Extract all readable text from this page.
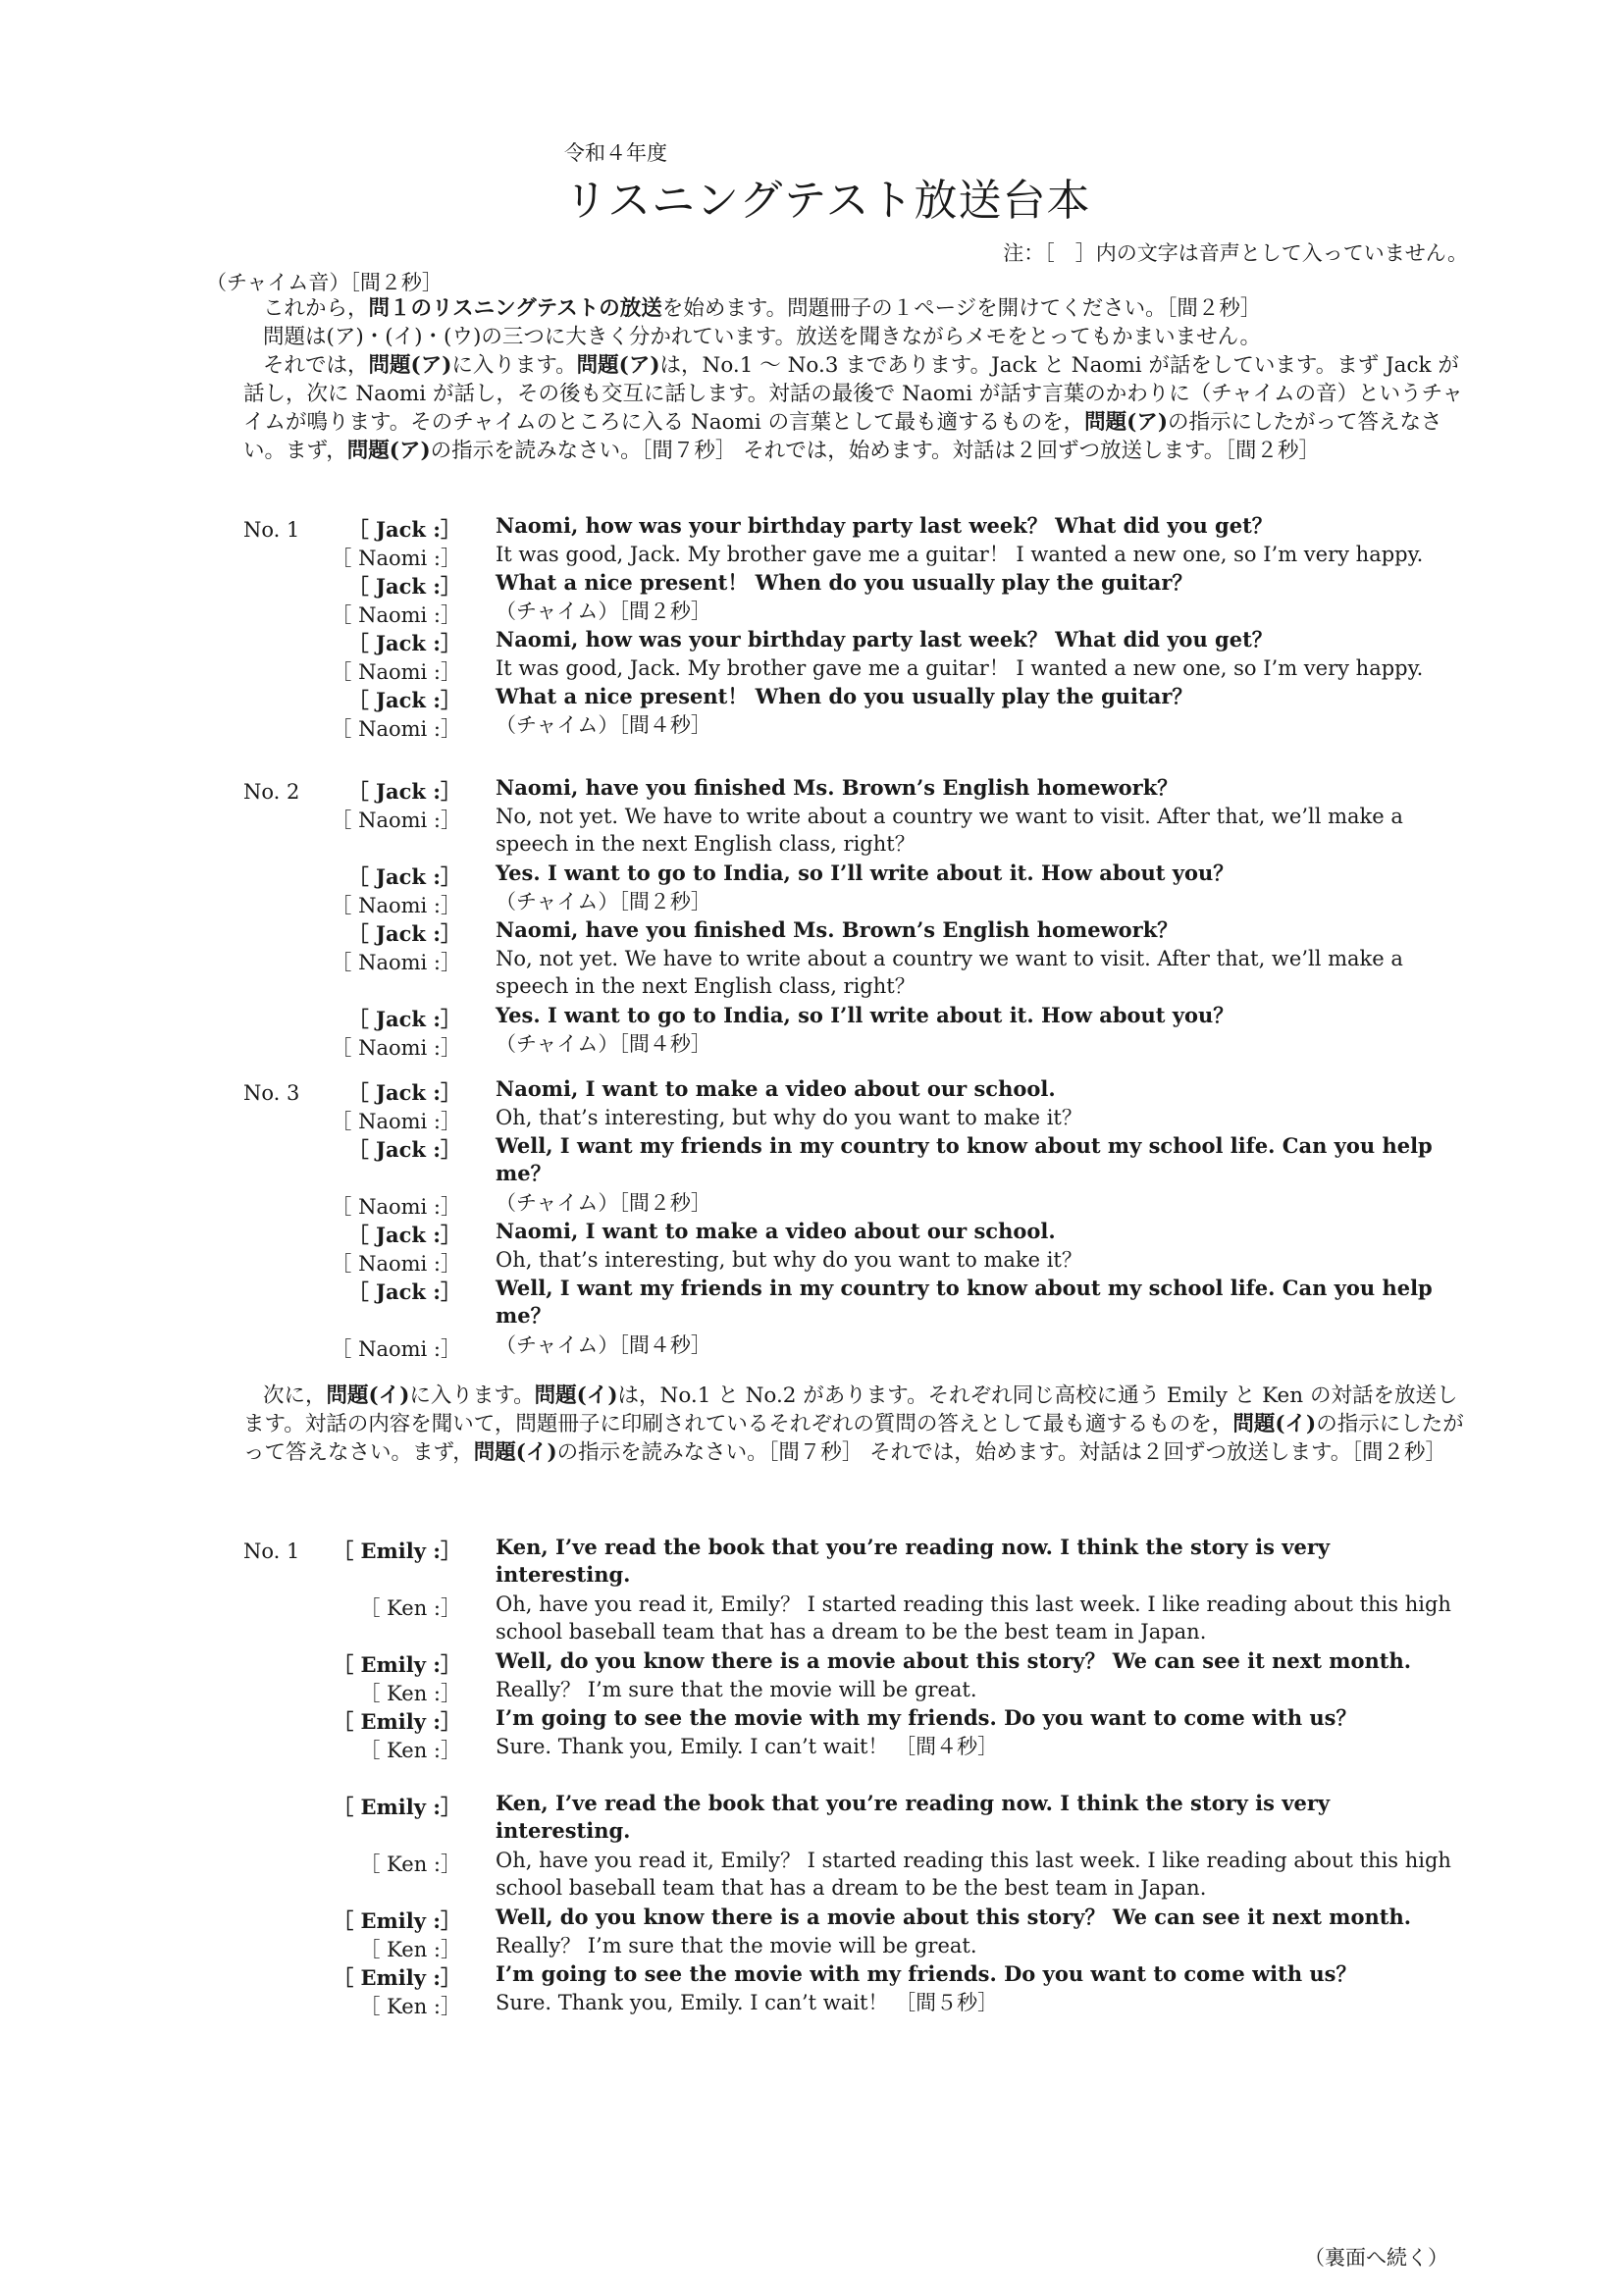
令和４年度
リスニングテスト放送台本
注：［　］内の文字は音声として入っていません。
（チャイム音）［間２秒］

これから，問１のリスニングテストの放送を始めます。問題冊子の１ページを開けてください。［間２秒］

問題は(ア)・(イ)・(ウ)の三つに大きく分かれています。放送を聞きながらメモをとってもかまいません。

それでは，問題(ア)に入ります。問題(ア)は，No.1 〜 No.3 まであります。Jack と Naomi が話をしています。まず Jack が話し，次に Naomi が話し，その後も交互に話します。対話の最後で Naomi が話す言葉のかわりに（チャイムの音）というチャイムが鳴ります。そのチャイムのところに入る Naomi の言葉として最も適するものを，問題(ア)の指示にしたがって答えなさい。まず，問題(ア)の指示を読みなさい。［間７秒］ それでは，始めます。対話は２回ずつ放送します。［間２秒］

No. 1
No. 2
No. 3
［ Jack :］ Naomi, how was your birthday party last week？ What did you get？
［ Naomi :］ It was good, Jack. My brother gave me a guitar！ I wanted a new one, so I’m very happy.
［ Jack :］ What a nice present！ When do you usually play the guitar？
［ Naomi :］ （チャイム）［間２秒］
［ Jack :］ Naomi, how was your birthday party last week？ What did you get？
［ Naomi :］ It was good, Jack. My brother gave me a guitar！ I wanted a new one, so I’m very happy.
［ Jack :］ What a nice present！ When do you usually play the guitar？
［ Naomi :］ （チャイム）［間４秒］
［ Jack :］ Naomi, have you finished Ms. Brown’s English homework？
［ Naomi :］ No, not yet. We have to write about a country we want to visit. After that, we’ll make a speech in the next English class, right？
［ Jack :］ Yes. I want to go to India, so I’ll write about it. How about you？
［ Naomi :］ （チャイム）［間２秒］
［ Jack :］ Naomi, have you finished Ms. Brown’s English homework？
［ Naomi :］ No, not yet. We have to write about a country we want to visit. After that, we’ll make a speech in the next English class, right？
［ Jack :］ Yes. I want to go to India, so I’ll write about it. How about you？
［ Naomi :］ （チャイム）［間４秒］
［ Jack :］ Naomi, I want to make a video about our school.
［ Naomi :］ Oh, that’s interesting, but why do you want to make it？
［ Jack :］ Well, I want my friends in my country to know about my school life. Can you help me？
［ Naomi :］ （チャイム）［間２秒］
［ Jack :］ Naomi, I want to make a video about our school.
［ Naomi :］ Oh, that’s interesting, but why do you want to make it？
［ Jack :］ Well, I want my friends in my country to know about my school life. Can you help me？
［ Naomi :］ （チャイム）［間４秒］
［ Emily :］ Ken, I’ve read the book that you’re reading now. I think the story is very interesting.
［ Ken :］ Oh, have you read it, Emily？ I started reading this last week. I like reading about this high school baseball team that has a dream to be the best team in Japan.
［ Emily :］ Well, do you know there is a movie about this story？ We can see it next month.
［ Ken :］ Really？ I’m sure that the movie will be great.
［ Emily :］ I’m going to see the movie with my friends. Do you want to come with us？
［ Ken :］ Sure. Thank you, Emily. I can’t wait！ ［間４秒］
［ Emily :］ Ken, I’ve read the book that you’re reading now. I think the story is very interesting.
［ Ken :］ Oh, have you read it, Emily？ I started reading this last week. I like reading about this high school baseball team that has a dream to be the best team in Japan.
［ Emily :］ Well, do you know there is a movie about this story？ We can see it next month.
［ Ken :］ Really？ I’m sure that the movie will be great.
［ Emily :］ I’m going to see the movie with my friends. Do you want to come with us？
［ Ken :］ Sure. Thank you, Emily. I can’t wait！ ［間５秒］

次に，問題(イ)に入ります。問題(イ)は，No.1 と No.2 があります。それぞれ同じ高校に通う Emily と Ken の対話を放送します。対話の内容を聞いて，問題冊子に印刷されているそれぞれの質問の答えとして最も適するものを，問題(イ)の指示にしたがって答えなさい。まず，問題(イ)の指示を読みなさい。［間７秒］ それでは，始めます。対話は２回ずつ放送します。［間２秒］

No. 1
（裏面へ続く）
